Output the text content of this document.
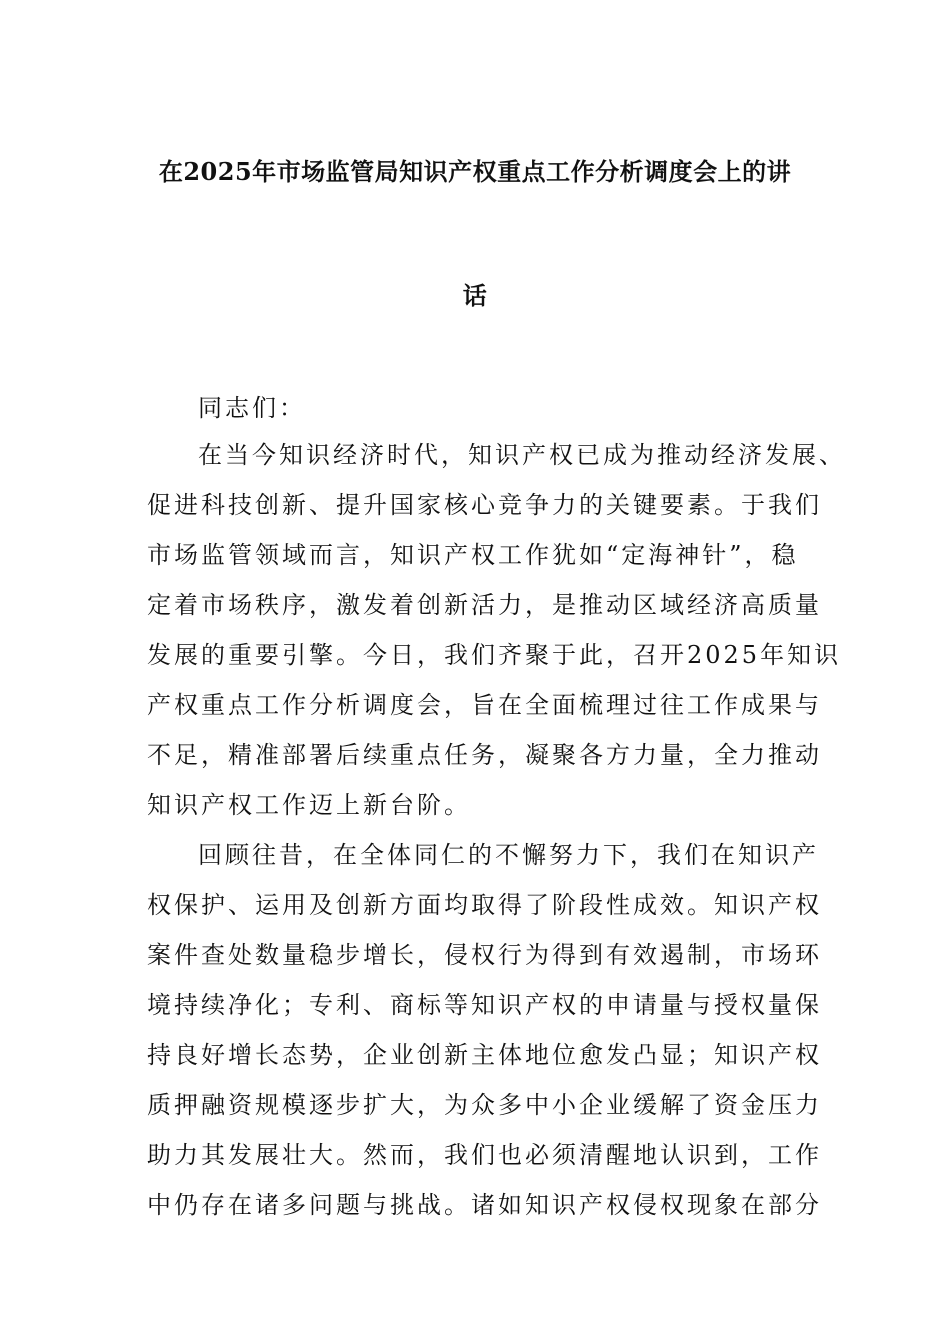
在2025年市场监管局知识产权重点工作分析调度会上的讲
话
同志们：
在当今知识经济时代，知识产权已成为推动经济发展、
促进科技创新、提升国家核心竞争力的关键要素。于我们
市场监管领域而言，知识产权工作犹如“定海神针”，稳
定着市场秩序，激发着创新活力，是推动区域经济高质量
发展的重要引擎。今日，我们齐聚于此，召开2025年知识
产权重点工作分析调度会，旨在全面梳理过往工作成果与
不足，精准部署后续重点任务，凝聚各方力量，全力推动
知识产权工作迈上新台阶。
回顾往昔，在全体同仁的不懈努力下，我们在知识产
权保护、运用及创新方面均取得了阶段性成效。知识产权
案件查处数量稳步增长，侵权行为得到有效遏制，市场环
境持续净化；专利、商标等知识产权的申请量与授权量保
持良好增长态势，企业创新主体地位愈发凸显；知识产权
质押融资规模逐步扩大，为众多中小企业缓解了资金压力
助力其发展壮大。然而，我们也必须清醒地认识到，工作
中仍存在诸多问题与挑战。诸如知识产权侵权现象在部分
